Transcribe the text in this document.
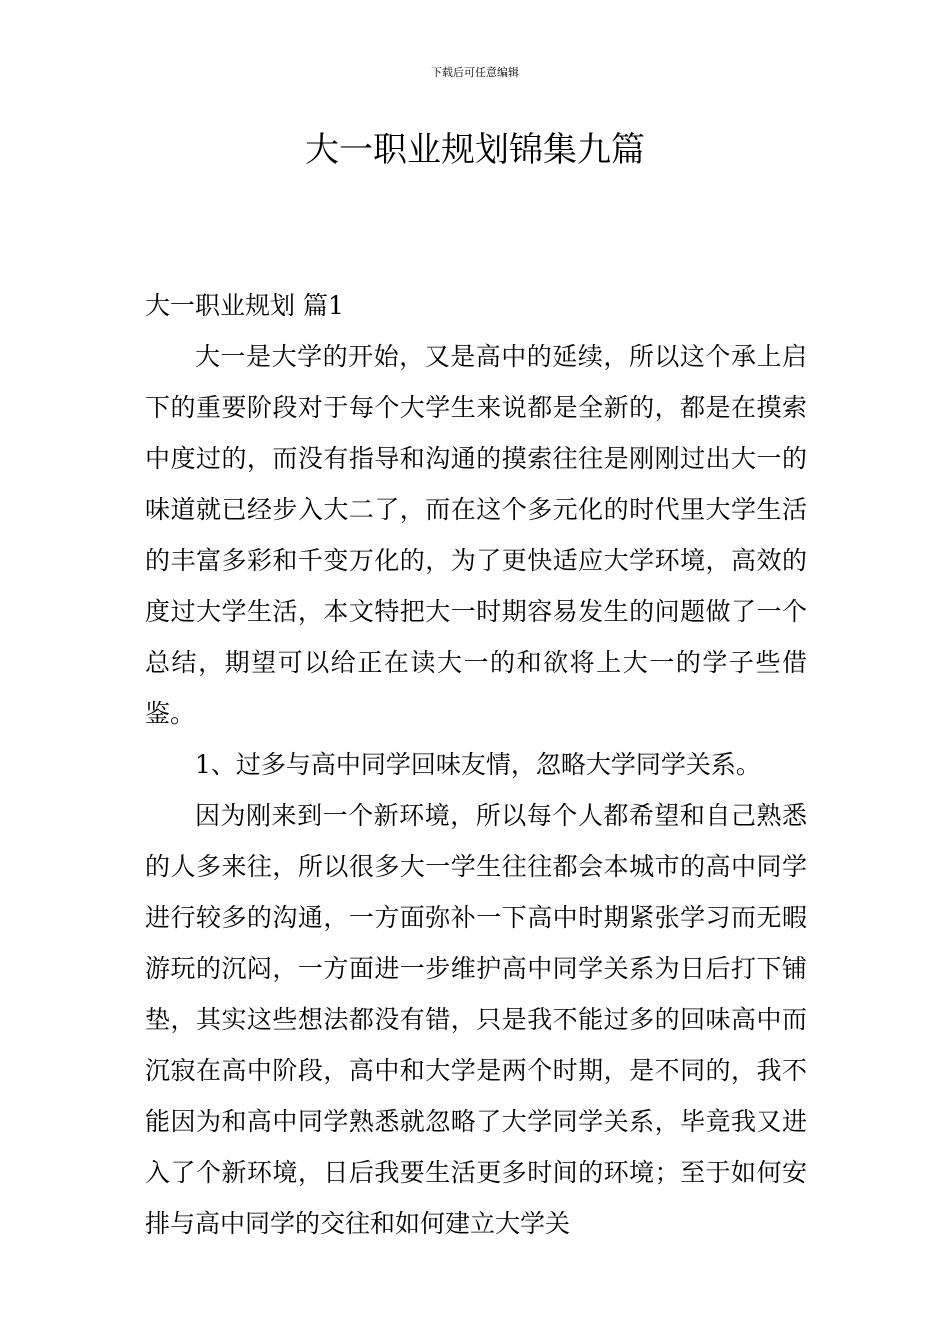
下载后可任意编辑
大一职业规划锦集九篇
大一职业规划 篇1

大一是大学的开始，又是高中的延续，所以这个承上启下的重要阶段对于每个大学生来说都是全新的，都是在摸索中度过的，而没有指导和沟通的摸索往往是刚刚过出大一的味道就已经步入大二了，而在这个多元化的时代里大学生活的丰富多彩和千变万化的，为了更快适应大学环境，高效的度过大学生活，本文特把大一时期容易发生的问题做了一个总结，期望可以给正在读大一的和欲将上大一的学子些借鉴。

1、过多与高中同学回味友情，忽略大学同学关系。

因为刚来到一个新环境，所以每个人都希望和自己熟悉的人多来往，所以很多大一学生往往都会本城市的高中同学进行较多的沟通，一方面弥补一下高中时期紧张学习而无暇游玩的沉闷，一方面进一步维护高中同学关系为日后打下铺垫，其实这些想法都没有错，只是我不能过多的回味高中而沉寂在高中阶段，高中和大学是两个时期，是不同的，我不能因为和高中同学熟悉就忽略了大学同学关系，毕竟我又进入了个新环境，日后我要生活更多时间的环境；至于如何安排与高中同学的交往和如何建立大学关
